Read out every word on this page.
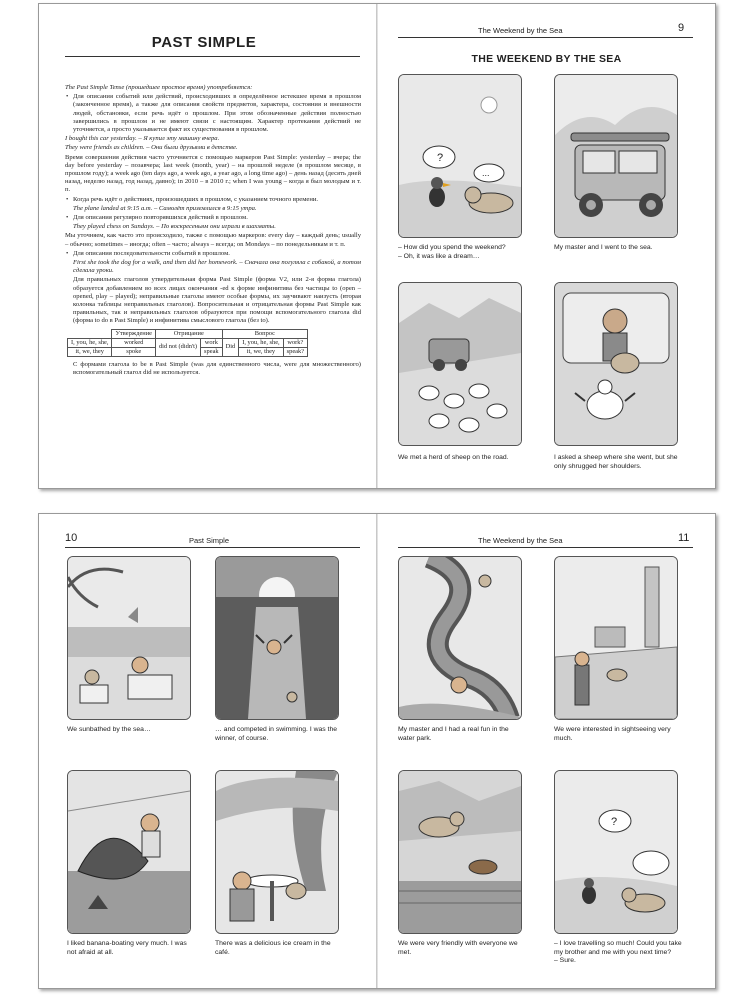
PAST SIMPLE

The Past Simple Tense (прошедшее простое время) употребляется:

• Для описания событий или действий, происходивших в определённое истекшее время в прошлом (законченное время), а также для описания свойств предметов, характера, состояния и внешности людей, обстановки, если речь идёт о прошлом. При этом обозначенные действия полностью завершились в прошлом и не имеют связи с настоящим. Характер протекания действий не уточняется, а просто указывается факт их существования в прошлом.

I bought this car yesterday. – Я купил эту машину вчера.

They were friends as children. – Они были друзьями в детстве.

Время совершения действия часто уточняется с помощью маркеров Past Simple: yesterday – вчера; the day before yesterday – позавчера; last week (month, year) – на прошлой неделе (в прошлом месяце, в прошлом году); a week ago (ten days ago, a week ago, a year ago, a long time ago) – день назад (десять дней назад, неделю назад, год назад, давно); in 2010 – в 2010 г.; when I was young – когда я был молодым и т. п.

• Когда речь идёт о действиях, произошедших в прошлом, с указанием точного времени.

The plane landed at 9:15 a.m. – Самолёт приземлился в 9:15 утра.

• Для описания регулярно повторявшихся действий в прошлом.

They played chess on Sundays. – По воскресеньям они играли в шахматы.

Мы уточняем, как часто это происходило, также с помощью маркеров: every day – каждый день; usually – обычно; sometimes – иногда; often – часто; always – всегда; on Mondays – по понедельникам и т. п.

• Для описания последовательности событий в прошлом.

First she took the dog for a walk, and then did her homework. – Сначала она погуляла с собакой, а потом сделала уроки.

Для правильных глаголов утвердительная форма Past Simple (форма V2, или 2-я форма глагола) образуется добавлением во всех лицах окончания -ed к форме инфинитива без частицы to (open – opened, play – played); неправильные глаголы имеют особые формы, их заучивают наизусть (вторая колонка таблицы неправильных глаголов). Вопросительная и отрицательная формы Past Simple как правильных, так и неправильных глаголов образуются при помощи вспомогательного глагола did (форма to do в Past Simple) и инфинитива смыслового глагола (без to).

	Утверждение	Отрицание		Вопрос		
I, you, he, she,	worked	did not (didn't)	work	Did	I, you, he, she,	work?
it, we, they	spoke		speak		it, we, they	speak?

С формами глагола to be в Past Simple (was для единственного числа, were для множественного) вспомогательный глагол did не используется.

The Weekend by the Sea	9
THE WEEKEND BY THE SEA
?
...
– How did you spend the weekend?
– Oh, it was like a dream…
My master and I went to the sea.
We met a herd of sheep on the road.	I asked a sheep where she went, but she only shrugged her shoulders.
10	Past Simple
We sunbathed by the sea…	… and competed in swimming. I was the winner, of course.
I liked banana-boating very much. I was not afraid at all.
There was a delicious ice cream in the café.
The Weekend by the Sea	11
My master and I had a real fun in the water park.
We were interested in sightseeing very much.
We were very friendly with everyone we met.
?
– I love travelling so much! Could you take my brother and me with you next time?
– Sure.
